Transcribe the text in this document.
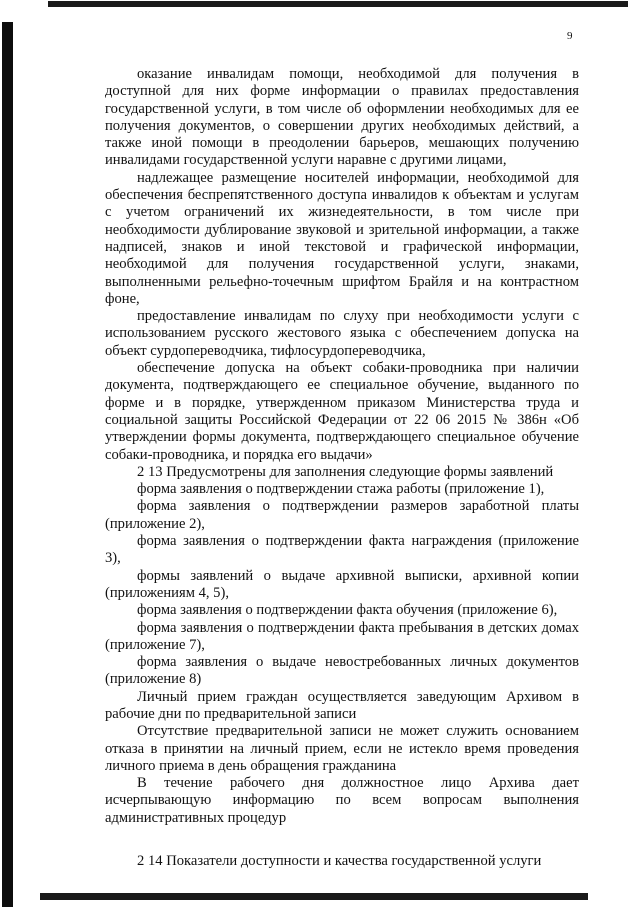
9

оказание инвалидам помощи, необходимой для получения в доступной для них форме информации о правилах предоставления государственной услуги, в том числе об оформлении необходимых для ее получения документов, о совершении других необходимых действий, а также иной помощи в преодолении барьеров, мешающих получению инвалидами государственной услуги наравне с другими лицами,

надлежащее размещение носителей информации, необходимой для обеспечения беспрепятственного доступа инвалидов к объектам и услугам с учетом ограничений их жизнедеятельности, в том числе при необходимости дублирование звуковой и зрительной информации, а также надписей, знаков и иной текстовой и графической информации, необходимой для получения государственной услуги, знаками, выполненными рельефно-точечным шрифтом Брайля и на контрастном фоне,

предоставление инвалидам по слуху при необходимости услуги с использованием русского жестового языка с обеспечением допуска на объект сурдопереводчика, тифлосурдопереводчика,

обеспечение допуска на объект собаки-проводника при наличии документа, подтверждающего ее специальное обучение, выданного по форме и в порядке, утвержденном приказом Министерства труда и социальной защиты Российской Федерации от 22 06 2015 № 386н «Об утверждении формы документа, подтверждающего специальное обучение собаки-проводника, и порядка его выдачи»

2 13 Предусмотрены для заполнения следующие формы заявлений

форма заявления о подтверждении стажа работы (приложение 1),

форма заявления о подтверждении размеров заработной платы (приложение 2),

форма заявления о подтверждении факта награждения (приложение 3),

формы заявлений о выдаче архивной выписки, архивной копии (приложениям 4, 5),

форма заявления о подтверждении факта обучения (приложение 6),

форма заявления о подтверждении факта пребывания в детских домах (приложение 7),

форма заявления о выдаче невостребованных личных документов (приложение 8)

Личный прием граждан осуществляется заведующим Архивом в рабочие дни по предварительной записи

Отсутствие предварительной записи не может служить основанием отказа в принятии на личный прием, если не истекло время проведения личного приема в день обращения гражданина

В течение рабочего дня должностное лицо Архива дает исчерпывающую информацию по всем вопросам выполнения административных процедур

2 14 Показатели доступности и качества государственной услуги
